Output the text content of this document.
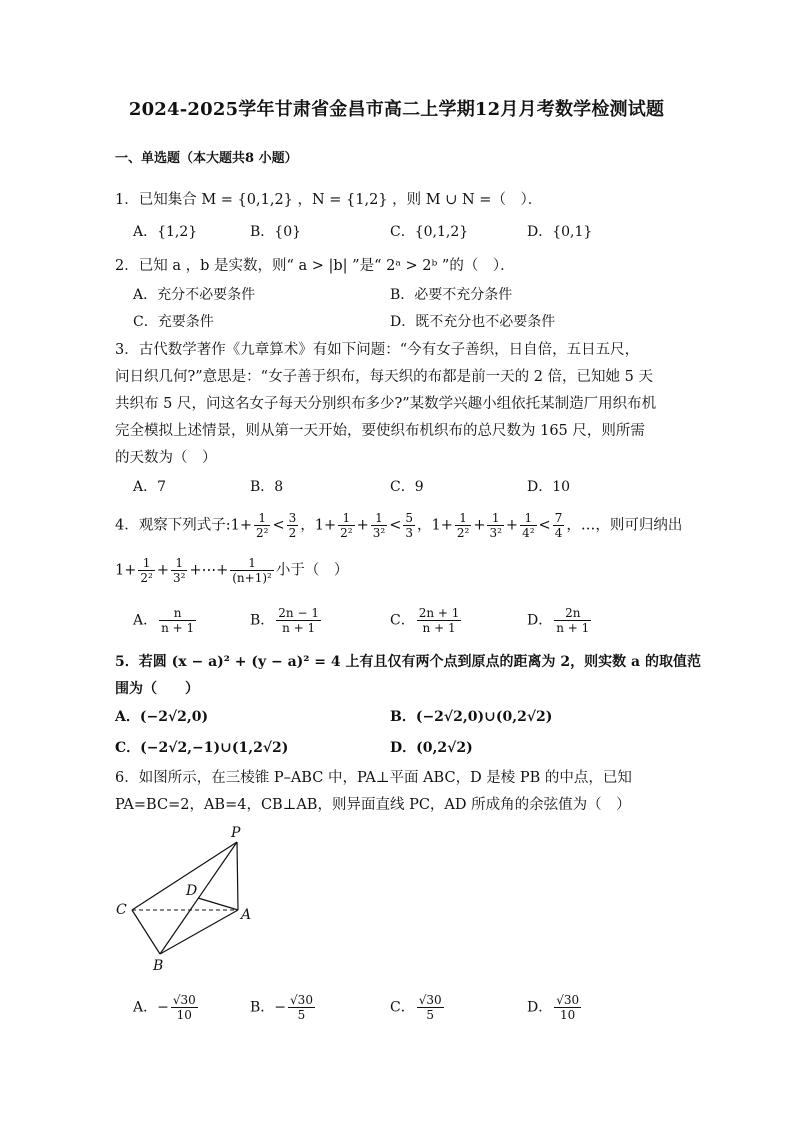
2024-2025学年甘肃省金昌市高二上学期12月月考数学检测试题
一、单选题（本大题共8 小题）
1．已知集合 M = {0,1,2} ，N = {1,2} ，则 M ∪ N =（　）．
A．{1,2}	B．{0}	C．{0,1,2}	D．{0,1}
2．已知 a ，b 是实数，则“ a > |b| ”是“ 2ᵃ > 2ᵇ ”的（　）．
A．充分不必要条件	B．必要不充分条件
C．充要条件	D．既不充分也不必要条件
3．古代数学著作《九章算术》有如下问题：“今有女子善织，日自倍，五日五尺，
问日织几何?”意思是：“女子善于织布，每天织的布都是前一天的 2 倍，已知她 5 天
共织布 5 尺，问这名女子每天分别织布多少?”某数学兴趣小组依托某制造厂用织布机
完全模拟上述情景，则从第一天开始，要使织布机织布的总尺数为 165 尺，则所需
的天数为（　）
A．7	B．8	C．9	D．10
4．观察下列式子:1+ $\frac{1}{\text{2²}} < \frac{3}{2}$ ，$1+ \frac{1}{\text{2²}} + \frac{1}{\text{3²}} < \frac{5}{3}$ ，$1+ \frac{1}{\text{2²}} + \frac{1}{\text{3²}} + \frac{1}{\text{4²}} < \frac{7}{4}$ ，…，则可归纳出
$1+ \frac{1}{\text{2²}} + \frac{1}{\text{3²}}$ +⋯+ $\frac{1}{\text{(n+1)²}}$ 小于（　）
A． $\frac{n}{n + 1}$	B． $\frac{2n - 1}{n + 1}$	C． $\frac{2n + 1}{n + 1}$	D． $\frac{2n}{n + 1}$
5．若圆 (x − a)² + (y − a)² = 4 上有且仅有两个点到原点的距离为 2，则实数 a 的取值范
围为（　　）
A．(−2√2,0)	B．(−2√2,0)∪(0,2√2)
C．(−2√2,−1)∪(1,2√2)	D．(0,2√2)
6．如图所示，在三棱锥 P–ABC 中，PA⊥平面 ABC，D 是棱 PB 的中点，已知
PA=BC=2，AB=4，CB⊥AB，则异面直线 PC，AD 所成角的余弦值为（　）
P
D
C	A
B
A．− $\frac{√30}{10}$	B．− $\frac{√30}{5}$	C． $\frac{√30}{5}$	D． $\frac{√30}{10}$
